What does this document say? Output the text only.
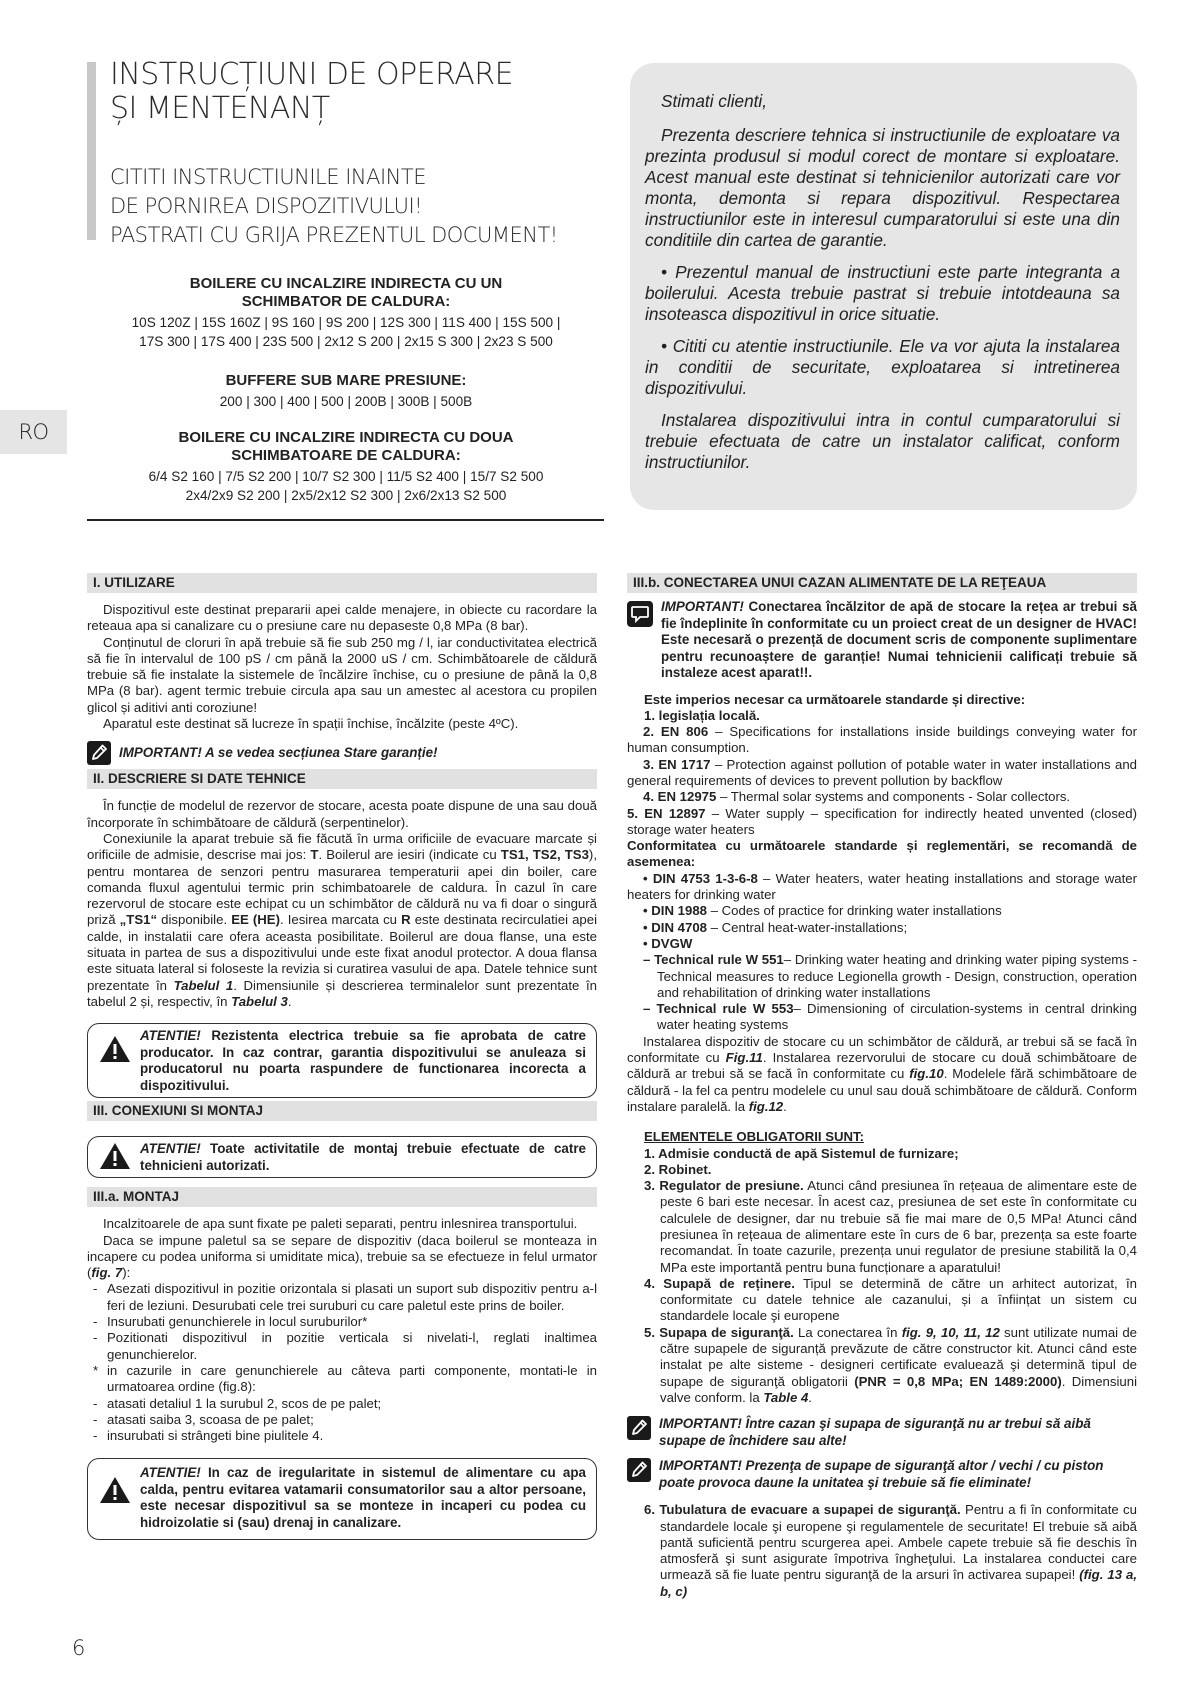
INSTRUCȚIUNI DE OPERARE
ȘI MENTENANȚ
CITITI INSTRUCTIUNILE INAINTE
DE PORNIREA DISPOZITIVULUI!
PASTRATI CU GRIJA PREZENTUL DOCUMENT!
BOILERE CU INCALZIRE INDIRECTA CU UN SCHIMBATOR DE CALDURA:
10S 120Z | 15S 160Z | 9S 160 | 9S 200 | 12S 300 | 11S 400 | 15S 500 |
17S 300 | 17S 400 | 23S 500 | 2x12 S 200 | 2x15 S 300 | 2x23 S 500
BUFFERE SUB MARE PRESIUNE:
200 | 300 | 400 | 500 | 200B | 300B | 500B
BOILERE CU INCALZIRE INDIRECTA CU DOUA SCHIMBATOARE DE CALDURA:
6/4 S2 160 | 7/5 S2 200 | 10/7 S2 300 | 11/5 S2 400 | 15/7 S2 500
2x4/2x9 S2 200 | 2x5/2x12 S2 300 | 2x6/2x13 S2 500
RO

Stimati clienti,

Prezenta descriere tehnica si instructiunile de exploatare va prezinta produsul si modul corect de montare si exploatare. Acest manual este destinat si tehnicienilor autorizati care vor monta, demonta si repara dispozitivul. Respectarea instructiunilor este in interesul cumparatorului si este una din conditiile din cartea de garantie.

• Prezentul manual de instructiuni este parte integranta a boilerului. Acesta trebuie pastrat si trebuie intotdeauna sa insoteasca dispozitivul in orice situatie.

• Cititi cu atentie instructiunile. Ele va vor ajuta la instalarea in conditii de securitate, exploatarea si intretinerea dispozitivului.

Instalarea dispozitivului intra in contul cumparatorului si trebuie efectuata de catre un instalator calificat, conform instructiunilor.

I. UTILIZARE

Dispozitivul este destinat prepararii apei calde menajere, in obiecte cu racordare la reteaua apa si canalizare cu o presiune care nu depaseste 0,8 MPa (8 bar).

Conținutul de cloruri în apă trebuie să fie sub 250 mg / l, iar conductivitatea electrică să fie în intervalul de 100 pS / cm până la 2000 uS / cm. Schimbătoarele de căldură trebuie să fie instalate la sistemele de încălzire închise, cu o presiune de până la 0,8 MPa (8 bar). agent termic trebuie circula apa sau un amestec al acestora cu propilen glicol și aditivi anti coroziune!

Aparatul este destinat să lucreze în spații închise, încălzite (peste 4ºC).

IMPORTANT! A se vedea secțiunea Stare garanție!
II. DESCRIERE SI DATE TEHNICE

În funcție de modelul de rezervor de stocare, acesta poate dispune de una sau două încorporate în schimbătoare de căldură (serpentinelor).

Conexiunile la aparat trebuie să fie făcută în urma orificiile de evacuare marcate și orificiile de admisie, descrise mai jos: T. Boilerul are iesiri (indicate cu TS1, TS2, TS3), pentru montarea de senzori pentru masurarea temperaturii apei din boiler, care comanda fluxul agentului termic prin schimbatoarele de caldura. În cazul în care rezervorul de stocare este echipat cu un schimbător de căldură nu va fi doar o singură priză „TS1“ disponibile. EE (HE). Iesirea marcata cu R este destinata recirculatiei apei calde, in instalatii care ofera aceasta posibilitate. Boilerul are doua flanse, una este situata in partea de sus a dispozitivului unde este fixat anodul protector. A doua flansa este situata lateral si foloseste la revizia si curatirea vasului de apa. Datele tehnice sunt prezentate în Tabelul 1. Dimensiunile și descrierea terminalelor sunt prezentate în tabelul 2 și, respectiv, în Tabelul 3.

ATENTIE! Rezistenta electrica trebuie sa fie aprobata de catre producator. In caz contrar, garantia dispozitivului se anuleaza si producatorul nu poarta raspundere de functionarea incorecta a dispozitivului.
III. CONEXIUNI SI MONTAJ
ATENTIE! Toate activitatile de montaj trebuie efectuate de catre tehnicieni autorizati.
III.a. MONTAJ

Incalzitoarele de apa sunt fixate pe paleti separati, pentru inlesnirea transportului.

Daca se impune paletul sa se separe de dispozitiv (daca boilerul se monteaza in incapere cu podea uniforma si umiditate mica), trebuie sa se efectueze in felul urmator (fig. 7):

- Asezati dispozitivul in pozitie orizontala si plasati un suport sub dispozitiv pentru a-l feri de leziuni. Desurubati cele trei suruburi cu care paletul este prins de boiler.
- Insurubati genunchierele in locul suruburilor*
- Pozitionati dispozitivul in pozitie verticala si nivelati-l, reglati inaltimea genunchierelor.
* in cazurile in care genunchierele au câteva parti componente, montati-le in urmatoarea ordine (fig.8):
- atasati detaliul 1 la surubul 2, scos de pe palet;
- atasati saiba 3, scoasa de pe palet;
- insurubati si strângeti bine piulitele 4.
ATENTIE! In caz de iregularitate in sistemul de alimentare cu apa calda, pentru evitarea vatamarii consumatorilor sau a altor persoane, este necesar dispozitivul sa se monteze in incaperi cu podea cu hidroizolatie si (sau) drenaj in canalizare.
III.b. CONECTAREA UNUI CAZAN ALIMENTATE DE LA REŢEAUA
IMPORTANT! Conectarea încălzitor de apă de stocare la rețea ar trebui să fie îndeplinite în conformitate cu un proiect creat de un designer de HVAC! Este necesară o prezență de document scris de componente suplimentare pentru recunoaștere de garanție! Numai tehnicienii calificați trebuie să instaleze acest aparat!!.

Este imperios necesar ca următoarele standarde și directive:

1. legislația locală.

2. EN 806 – Specifications for installations inside buildings conveying water for human consumption.

3. EN 1717 – Protection against pollution of potable water in water installations and general requirements of devices to prevent pollution by backflow

4. EN 12975 – Thermal solar systems and components - Solar collectors.

5. EN 12897 – Water supply – specification for indirectly heated unvented (closed) storage water heaters

Conformitatea cu următoarele standarde și reglementări, se recomandă de asemenea:

• DIN 4753 1-3-6-8 – Water heaters, water heating installations and storage water heaters for drinking water

• DIN 1988 – Codes of practice for drinking water installations

• DIN 4708 – Central heat-water-installations;

• DVGW

– Technical rule W 551– Drinking water heating and drinking water piping systems - Technical measures to reduce Legionella growth - Design, construction, operation and rehabilitation of drinking water installations

– Technical rule W 553– Dimensioning of circulation-systems in central drinking water heating systems

Instalarea dispozitiv de stocare cu un schimbător de căldură, ar trebui să se facă în conformitate cu Fig.11. Instalarea rezervorului de stocare cu două schimbătoare de căldură ar trebui să se facă în conformitate cu fig.10. Modelele fără schimbătoare de căldură - la fel ca pentru modelele cu unul sau două schimbătoare de căldură. Conform instalare paralelă. la fig.12.

ELEMENTELE OBLIGATORII SUNT:

1. Admisie conductă de apă Sistemul de furnizare;

2. Robinet.

3. Regulator de presiune. Atunci când presiunea în rețeaua de alimentare este de peste 6 bari este necesar. În acest caz, presiunea de set este în conformitate cu calculele de designer, dar nu trebuie să fie mai mare de 0,5 MPa! Atunci când presiunea în rețeaua de alimentare este în curs de 6 bar, prezența sa este foarte recomandat. În toate cazurile, prezența unui regulator de presiune stabilită la 0,4 MPa este importantă pentru buna funcționare a aparatului!

4. Supapă de reținere. Tipul se determină de către un arhitect autorizat, în conformitate cu datele tehnice ale cazanului, și a înființat un sistem cu standardele locale şi europene

5. Supapa de siguranţă. La conectarea în fig. 9, 10, 11, 12 sunt utilizate numai de către supapele de siguranță prevăzute de către constructor kit. Atunci când este instalat pe alte sisteme - designeri certificate evaluează şi determină tipul de supape de siguranţă obligatorii (PNR = 0,8 MPa; EN 1489:2000). Dimensiuni valve conform. la Table 4.

IMPORTANT! Între cazan şi supapa de siguranţă nu ar trebui să aibă supape de închidere sau alte!
IMPORTANT! Prezenţa de supape de siguranţă altor / vechi / cu piston poate provoca daune la unitatea şi trebuie să fie eliminate!

6. Tubulatura de evacuare a supapei de siguranţă. Pentru a fi în conformitate cu standardele locale şi europene şi regulamentele de securitate! El trebuie să aibă pantă suficientă pentru scurgerea apei. Ambele capete trebuie să fie deschis în atmosferă şi sunt asigurate împotriva îngheţului. La instalarea conductei care urmează să fie luate pentru siguranţă de la arsuri în activarea supapei! (fig. 13 a, b, c)

6
